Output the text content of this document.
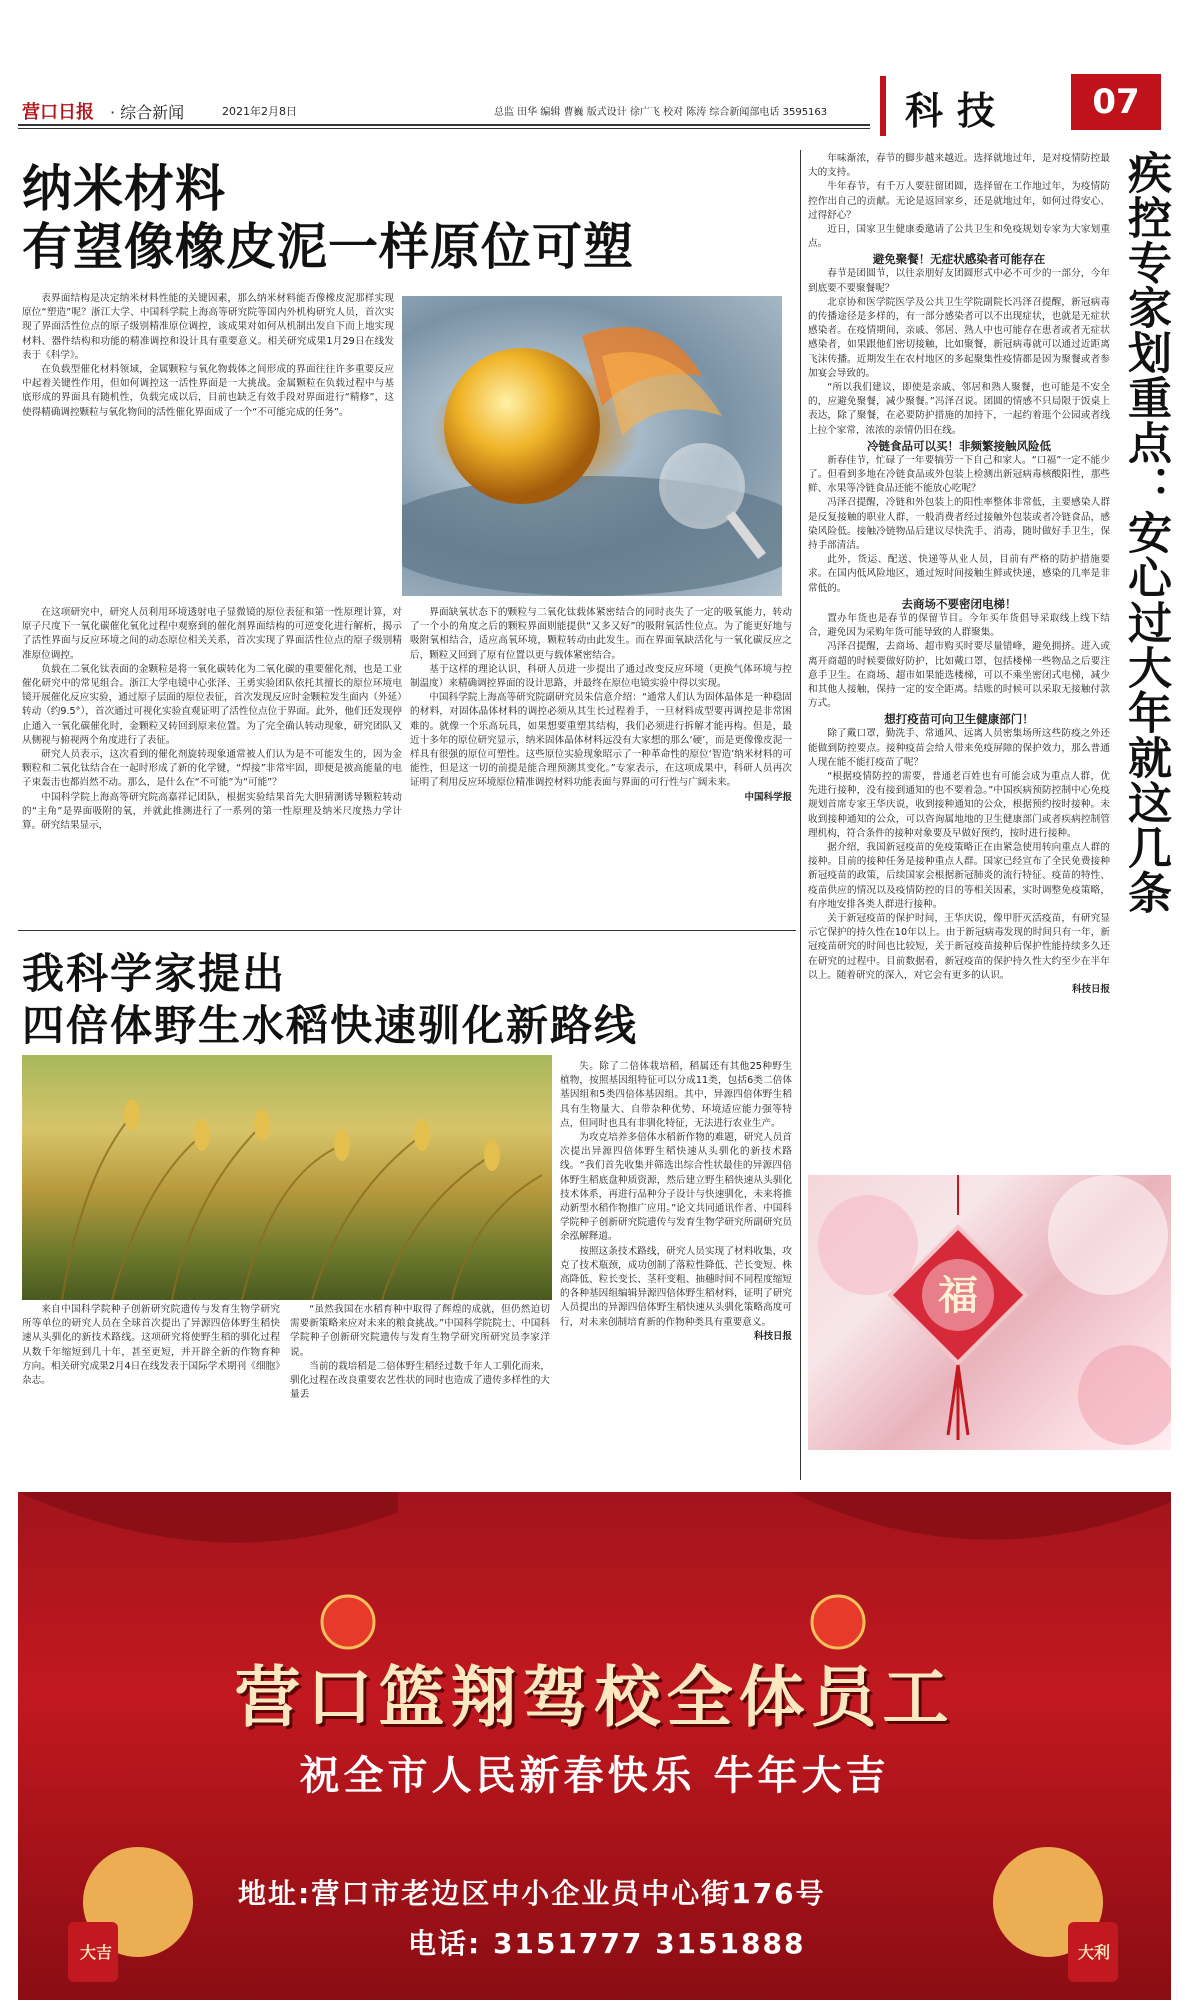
营口日报 · 综合新闻	2021年2月8日	总监 田华 编辑 曹巍 版式设计 徐广飞 校对 陈涛 综合新闻部电话 3595163 科技	07
纳米材料
有望像橡皮泥一样原位可塑

表界面结构是决定纳米材料性能的关键因素，那么纳米材料能否像橡皮泥那样实现原位“塑造”呢？浙江大学、中国科学院上海高等研究院等国内外机构研究人员，首次实现了界面活性位点的原子级别精准原位调控，该成果对如何从机制出发自下而上地实现材料、器件结构和功能的精准调控和设计具有重要意义。相关研究成果1月29日在线发表于《科学》。

在负载型催化材料领域，金属颗粒与氧化物载体之间形成的界面往往许多重要反应中起着关键性作用，但如何调控这一活性界面是一大挑战。金属颗粒在负载过程中与基底形成的界面具有随机性，负载完成以后，目前也缺乏有效手段对界面进行“精修”，这使得精确调控颗粒与氧化物间的活性催化界面成了一个“不可能完成的任务”。

在这项研究中，研究人员利用环境透射电子显微镜的原位表征和第一性原理计算，对原子尺度下一氧化碳催化氧化过程中观察到的催化剂界面结构的可逆变化进行解析，揭示了活性界面与反应环境之间的动态原位相关关系，首次实现了界面活性位点的原子级别精准原位调控。

负载在二氧化钛表面的金颗粒是将一氧化碳转化为二氧化碳的重要催化剂，也是工业催化研究中的常见组合。浙江大学电镜中心张泽、王勇实验团队依托其擅长的原位环境电镜开展催化反应实验，通过原子层面的原位表征，首次发现反应时金颗粒发生面内（外延）转动（约9.5°），首次通过可视化实验直观证明了活性位点位于界面。此外，他们还发现停止通入一氧化碳催化时，金颗粒又转回到原来位置。为了完全确认转动现象，研究团队又从侧视与俯视两个角度进行了表征。

研究人员表示，这次看到的催化剂旋转现象通常被人们认为是不可能发生的，因为金颗粒和二氧化钛结合在一起时形成了新的化学键，“焊接”非常牢固，即便是被高能量的电子束轰击也都岿然不动。那么，是什么在“不可能”为“可能”？

中国科学院上海高等研究院高嘉祥记团队，根据实验结果首先大胆猜测诱导颗粒转动的“主角”是界面吸附的氧，并就此推测进行了一系列的第一性原理及纳米尺度热力学计算。研究结果显示，

界面缺氧状态下的颗粒与二氧化钛载体紧密结合的同时丧失了一定的吸氧能力，转动了一个小的角度之后的颗粒界面则能提供“又多又好”的吸附氧活性位点。为了能更好地与吸附氧相结合，适应高氧环境，颗粒转动由此发生。而在界面氧缺活化与一氧化碳反应之后，颗粒又回到了原有位置以更与载体紧密结合。

基于这样的理论认识，科研人员进一步提出了通过改变反应环境（更换气体环境与控制温度）来精确调控界面的设计思路，并最终在原位电镜实验中得以实现。

中国科学院上海高等研究院副研究员朱信意介绍：“通常人们认为固体晶体是一种稳固的材料，对固体晶体材料的调控必须从其生长过程着手，一旦材料成型要再调控是非常困难的。就像一个乐高玩具，如果想要重塑其结构，我们必须进行拆解才能再构。但是，最近十多年的原位研究显示，纳米固体晶体材料远没有大家想的那么‘硬’，而是更像像皮泥一样具有很强的原位可塑性。这些原位实验现象昭示了一种革命性的原位‘智造’纳米材料的可能性，但是这一切的前提是能合理预测其变化。”专家表示，在这项成果中，科研人员再次证明了利用反应环境原位精准调控材料功能表面与界面的可行性与广阔未来。

中国科学报

我科学家提出
四倍体野生水稻快速驯化新路线

来自中国科学院种子创新研究院遗传与发育生物学研究所等单位的研究人员在全球首次提出了异源四倍体野生稻快速从头驯化的新技术路线。这项研究将使野生稻的驯化过程从数千年缩短到几十年，甚至更短，并开辟全新的作物育种方向。相关研究成果2月4日在线发表于国际学术期刊《细胞》杂志。

“虽然我国在水稻育种中取得了辉煌的成就，但仍然迫切需要新策略来应对未来的粮食挑战。”中国科学院院士、中国科学院种子创新研究院遗传与发育生物学研究所研究员李家洋说。

当前的栽培稻是二倍体野生稻经过数千年人工驯化而来，驯化过程在改良重要农艺性状的同时也造成了遗传多样性的大量丢

失。除了二倍体栽培稻，稻属还有其他25种野生植物，按照基因组特征可以分成11类，包括6类二倍体基因组和5类四倍体基因组。其中，异源四倍体野生稻具有生物量大、自带杂种优势、环境适应能力强等特点，但同时也具有非驯化特征，无法进行农业生产。

为攻克培养多倍体水稻新作物的难题，研究人员首次提出异源四倍体野生稻快速从头驯化的新技术路线。“我们首先收集并筛选出综合性状最佳的异源四倍体野生稻底盘种质资源，然后建立野生稻快速从头驯化技术体系，再进行品种分子设计与快速驯化，未来将推动新型水稻作物推广应用。”论文共同通讯作者、中国科学院种子创新研究院遗传与发育生物学研究所副研究员余泓解释道。

按照这条技术路线，研究人员实现了材料收集，攻克了技术瓶颈，成功创制了落粒性降低、芒长变短、株高降低、粒长变长、茎秆变粗、抽穗时间不同程度缩短的各种基因组编辑异源四倍体野生稻材料，证明了研究人员提出的异源四倍体野生稻快速从头驯化策略高度可行，对未来创制培育新的作物种类具有重要意义。

科技日报

年味渐浓，春节的脚步越来越近。选择就地过年，是对疫情防控最大的支持。

牛年春节，有千万人要驻留团圆，选择留在工作地过年，为疫情防控作出自己的贡献。无论是返回家乡，还是就地过年，如何过得安心、过得舒心？

近日，国家卫生健康委邀请了公共卫生和免疫规划专家为大家划重点。

避免聚餐！无症状感染者可能存在

春节是团圆节，以往亲朋好友团圆形式中必不可少的一部分，今年到底要不要聚餐呢？

北京协和医学院医学及公共卫生学院副院长冯泽召提醒，新冠病毒的传播途径是多样的，有一部分感染者可以不出现症状，也就是无症状感染者。在疫情期间，亲戚、邻居、熟人中也可能存在患者或者无症状感染者，如果跟他们密切接触，比如聚餐，新冠病毒就可以通过近距离飞沫传播。近期发生在农村地区的多起聚集性疫情都是因为聚餐或者参加宴会导致的。

“所以我们建议，即使是亲戚、邻居和熟人聚餐，也可能是不安全的，应避免聚餐，减少聚餐。”冯泽召说。团圆的情感不只局限于饭桌上表达，除了聚餐，在必要防护措施的加持下，一起约着逛个公园或者线上拉个家常，浓浓的亲情仍旧在线。

冷链食品可以买！非频繁接触风险低

新春佳节，忙碌了一年要犒劳一下自己和家人。“口福”一定不能少了。但看到多地在冷链食品或外包装上检测出新冠病毒核酸阳性，那些鲜、水果等冷链食品还能不能放心吃呢？

冯泽召提醒，冷链和外包装上的阳性率整体非常低，主要感染人群是反复接触的职业人群，一般消费者经过接触外包装或者冷链食品，感染风险低。接触冷链物品后建议尽快洗手、消毒，随时做好手卫生，保持手部清洁。

此外，货运、配送、快递等从业人员，目前有严格的防护措施要求。在国内低风险地区，通过短时间接触生鲜或快递，感染的几率是非常低的。

去商场不要密闭电梯！

置办年货也是春节的保留节目。今年买年货倡导采取线上线下结合，避免因为采购年货可能导致的人群聚集。

冯泽召提醒，去商场、超市购买时要尽量错峰，避免拥挤。进入或离开商超的时候要做好防护，比如戴口罩，包括楼梯一些物品之后要注意手卫生。在商场、超市如果能选楼梯，可以不乘坐密闭式电梯，减少和其他人接触，保持一定的安全距离。结账的时候可以采取无接触付款方式。

想打疫苗可向卫生健康部门！

除了戴口罩，勤洗手、常通风、远离人员密集场所这些防疫之外还能做到防控要点。接种疫苗会给人带来免疫屏障的保护效力，那么普通人现在能不能打疫苗了呢？

“根据疫情防控的需要，普通老百姓也有可能会成为重点人群，优先进行接种，没有接到通知的也不要着急。”中国疾病预防控制中心免疫规划首席专家王华庆说，收到接种通知的公众，根据预约按时接种。未收到接种通知的公众，可以咨询属地地的卫生健康部门或者疾病控制管理机构，符合条件的接种对象要及早做好预约，按时进行接种。

据介绍，我国新冠疫苗的免疫策略正在由紧急使用转向重点人群的接种。目前的接种任务是接种重点人群。国家已经宣布了全民免费接种新冠疫苗的政策，后续国家会根据新冠肺炎的流行特征、疫苗的特性、疫苗供应的情况以及疫情防控的目的等相关因素，实时调整免疫策略，有序地安排各类人群进行接种。

关于新冠疫苗的保护时间，王华庆说，像甲肝灭活疫苗，有研究显示它保护的持久性在10年以上。由于新冠病毒发现的时间只有一年，新冠疫苗研究的时间也比较短，关于新冠疫苗接种后保护性能持续多久还在研究的过程中。目前数据看，新冠疫苗的保护持久性大约至少在半年以上。随着研究的深入，对它会有更多的认识。

科技日报

疾控专家划重点：安心过大年就这几条
福
营口篮翔驾校全体员工
祝全市人民新春快乐 牛年大吉
地址:营口市老边区中小企业员中心街176号
电话: 3151777 3151888
大吉	大利
